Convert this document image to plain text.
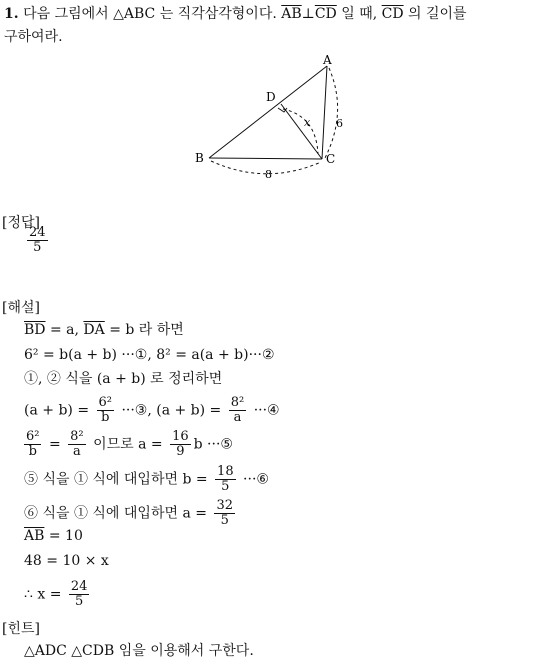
1. 다음 그림에서 △ABC 는 직각삼각형이다. $\overline{AB}\perp\overline{CD}$ 일 때, $\overline{CD}$ 의 길이를
구하여라.
A
B	C
D
x 6
8
[정답]
$\frac{24}{5}$
[해설]
$\overline{BD} = a$, $\overline{DA} = b$ 라 하면
6² = b(a + b) ···①, 8² = a(a + b)···②
①, ② 식을 (a + b) 로 정리하면
$(a + b) = \frac{\text{6²}}{b}$ ···③, $(a + b) = \frac{\text{8²}}{a}$ ···④
$\frac{\text{6²}}{b} = \frac{\text{8²}}{a}$ 이므로 $a = \frac{16}{9}$ b ···⑤
⑤ 식을 ① 식에 대입하면 $b = \frac{18}{5}$ ···⑥
⑥ 식을 ① 식에 대입하면 $a = \frac{32}{5}$
$\overline{AB} = 10$
48 = 10 × x
∴ $x = \frac{24}{5}$
[힌트]
△ADC △CDB 임을 이용해서 구한다.
